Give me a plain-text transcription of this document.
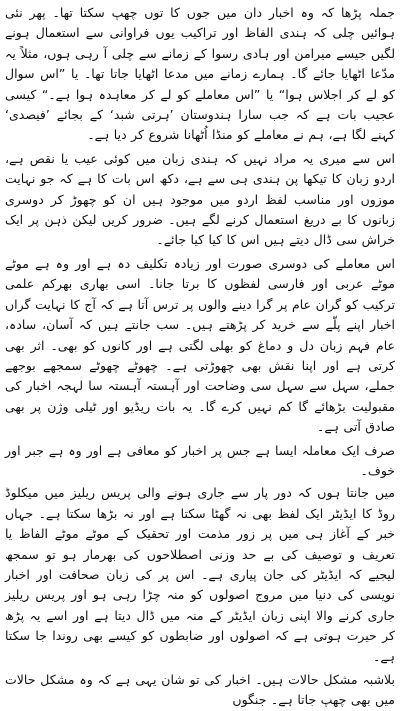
جملہ پڑھا کہ وہ اخبار دان میں جوں کا توں چھپ سکتا تھا۔ پھر نئی ہوائیں چلی کہ ہندی الفاظ اور تراکیب یوں فراوانی سے استعمال ہونے لگیں جیسے میرامن اور ہادی رسوا کے زمانے سے چلی آ رہی ہوں، مثلاً یہ مدّعا اٹھایا جائے گا۔ ہمارے زمانے میں مدعا اٹھایا جاتا تھا۔ یا ”اس سوال کو لے کر اجلاس ہوا“ یا ”اس معاملے کو لے کر معاہدہ ہوا ہے۔“ کیسی عجیب بات ہے کہ جب سارا ہندوستان ’ہرتی شبد‘ کے بجائے ’فیصدی‘ کہنے لگا ہے، ہم نے معاملے کو منڈا اُٹھانا شروع کر دیا ہے۔

اس سے میری یہ مراد نہیں کہ ہندی زبان میں کوئی عیب یا نقص ہے، اردو زبان کا تیکھا پن ہندی ہی سے ہے، دکھ اس بات کا ہے کہ جو نہایت موزوں اور مناسب لفظ اردو میں موجود ہیں ان کو چھوڑ کر دوسری زبانوں کا بے دریغ استعمال کرنے لگے ہیں۔ ضرور کریں لیکن ذہن پر ایک خراش سی ڈال دیتے ہیں اس کا کیا کیا جائے۔

اس معاملے کی دوسری صورت اور زیادہ تکلیف دہ ہے اور وہ ہے موٹے موٹے عربی اور فارسی لفظوں کا برتا جانا۔ اسی بھاری بھرکم علمی ترکیب کو گران عام پر گرا دینے والوں پر ترس آتا ہے کہ آج کا نہایت گراں اخبار اپنے پلّے سے خرید کر پڑھتے ہیں۔ سب جانتے ہیں کہ آسان، سادہ، عام فہم زبان دل و دماغ کو بھلی لگتی ہے اور کانوں کو بھی۔ اثر بھی کرتی ہے اور اپنا نقش بھی چھوڑتی ہے۔ چھوٹے چھوٹے سمجھے بوجھے جملے، سہل سے سہل سی وضاحت اور آہستہ آہستہ سا لہجہ اخبار کی مقبولیت بڑھائے گا کم نہیں کرے گا۔ یہ بات ریڈیو اور ٹیلی وژن پر بھی صادق آتی ہے۔

صرف ایک معاملہ ایسا ہے جس پر اخبار کو معافی ہے اور وہ ہے جبر اور خوف۔

میں جانتا ہوں کہ دور پار سے جاری ہونے والی پریس ریلیز میں میکلوڈ روڈ کا ایڈیٹر ایک لفظ بھی نہ گھٹا سکتا ہے اور نہ بڑھا سکتا ہے۔ جہاں خبر کے آغاز ہی میں پر زور مذمت اور تحقیک کے موٹے موٹے الفاظ یا تعریف و توصیف کی بے حد وزنی اصطلاحوں کی بھرمار ہو تو سمجھ لیجیے کہ ایڈیٹر کی جان پیاری ہے۔ اس پر کی زبان صحافت اور اخبار نویسی کی دنیا میں مروج اصولوں کو منہ چڑا رہی ہو اور پریس ریلیز جاری کرنے والا اپنی زبان ایڈیٹر کے منہ میں ڈال دیتا ہے اور اسے یہ پڑھ کر حیرت ہوتی ہے کہ اصولوں اور ضابطوں کو کیسے بھی روندا جا سکتا ہے۔

بلاشبہ مشکل حالات ہیں۔ اخبار کی تو شان یہی ہے کہ وہ مشکل حالات میں بھی چھپ جاتا ہے۔ جنگوں
